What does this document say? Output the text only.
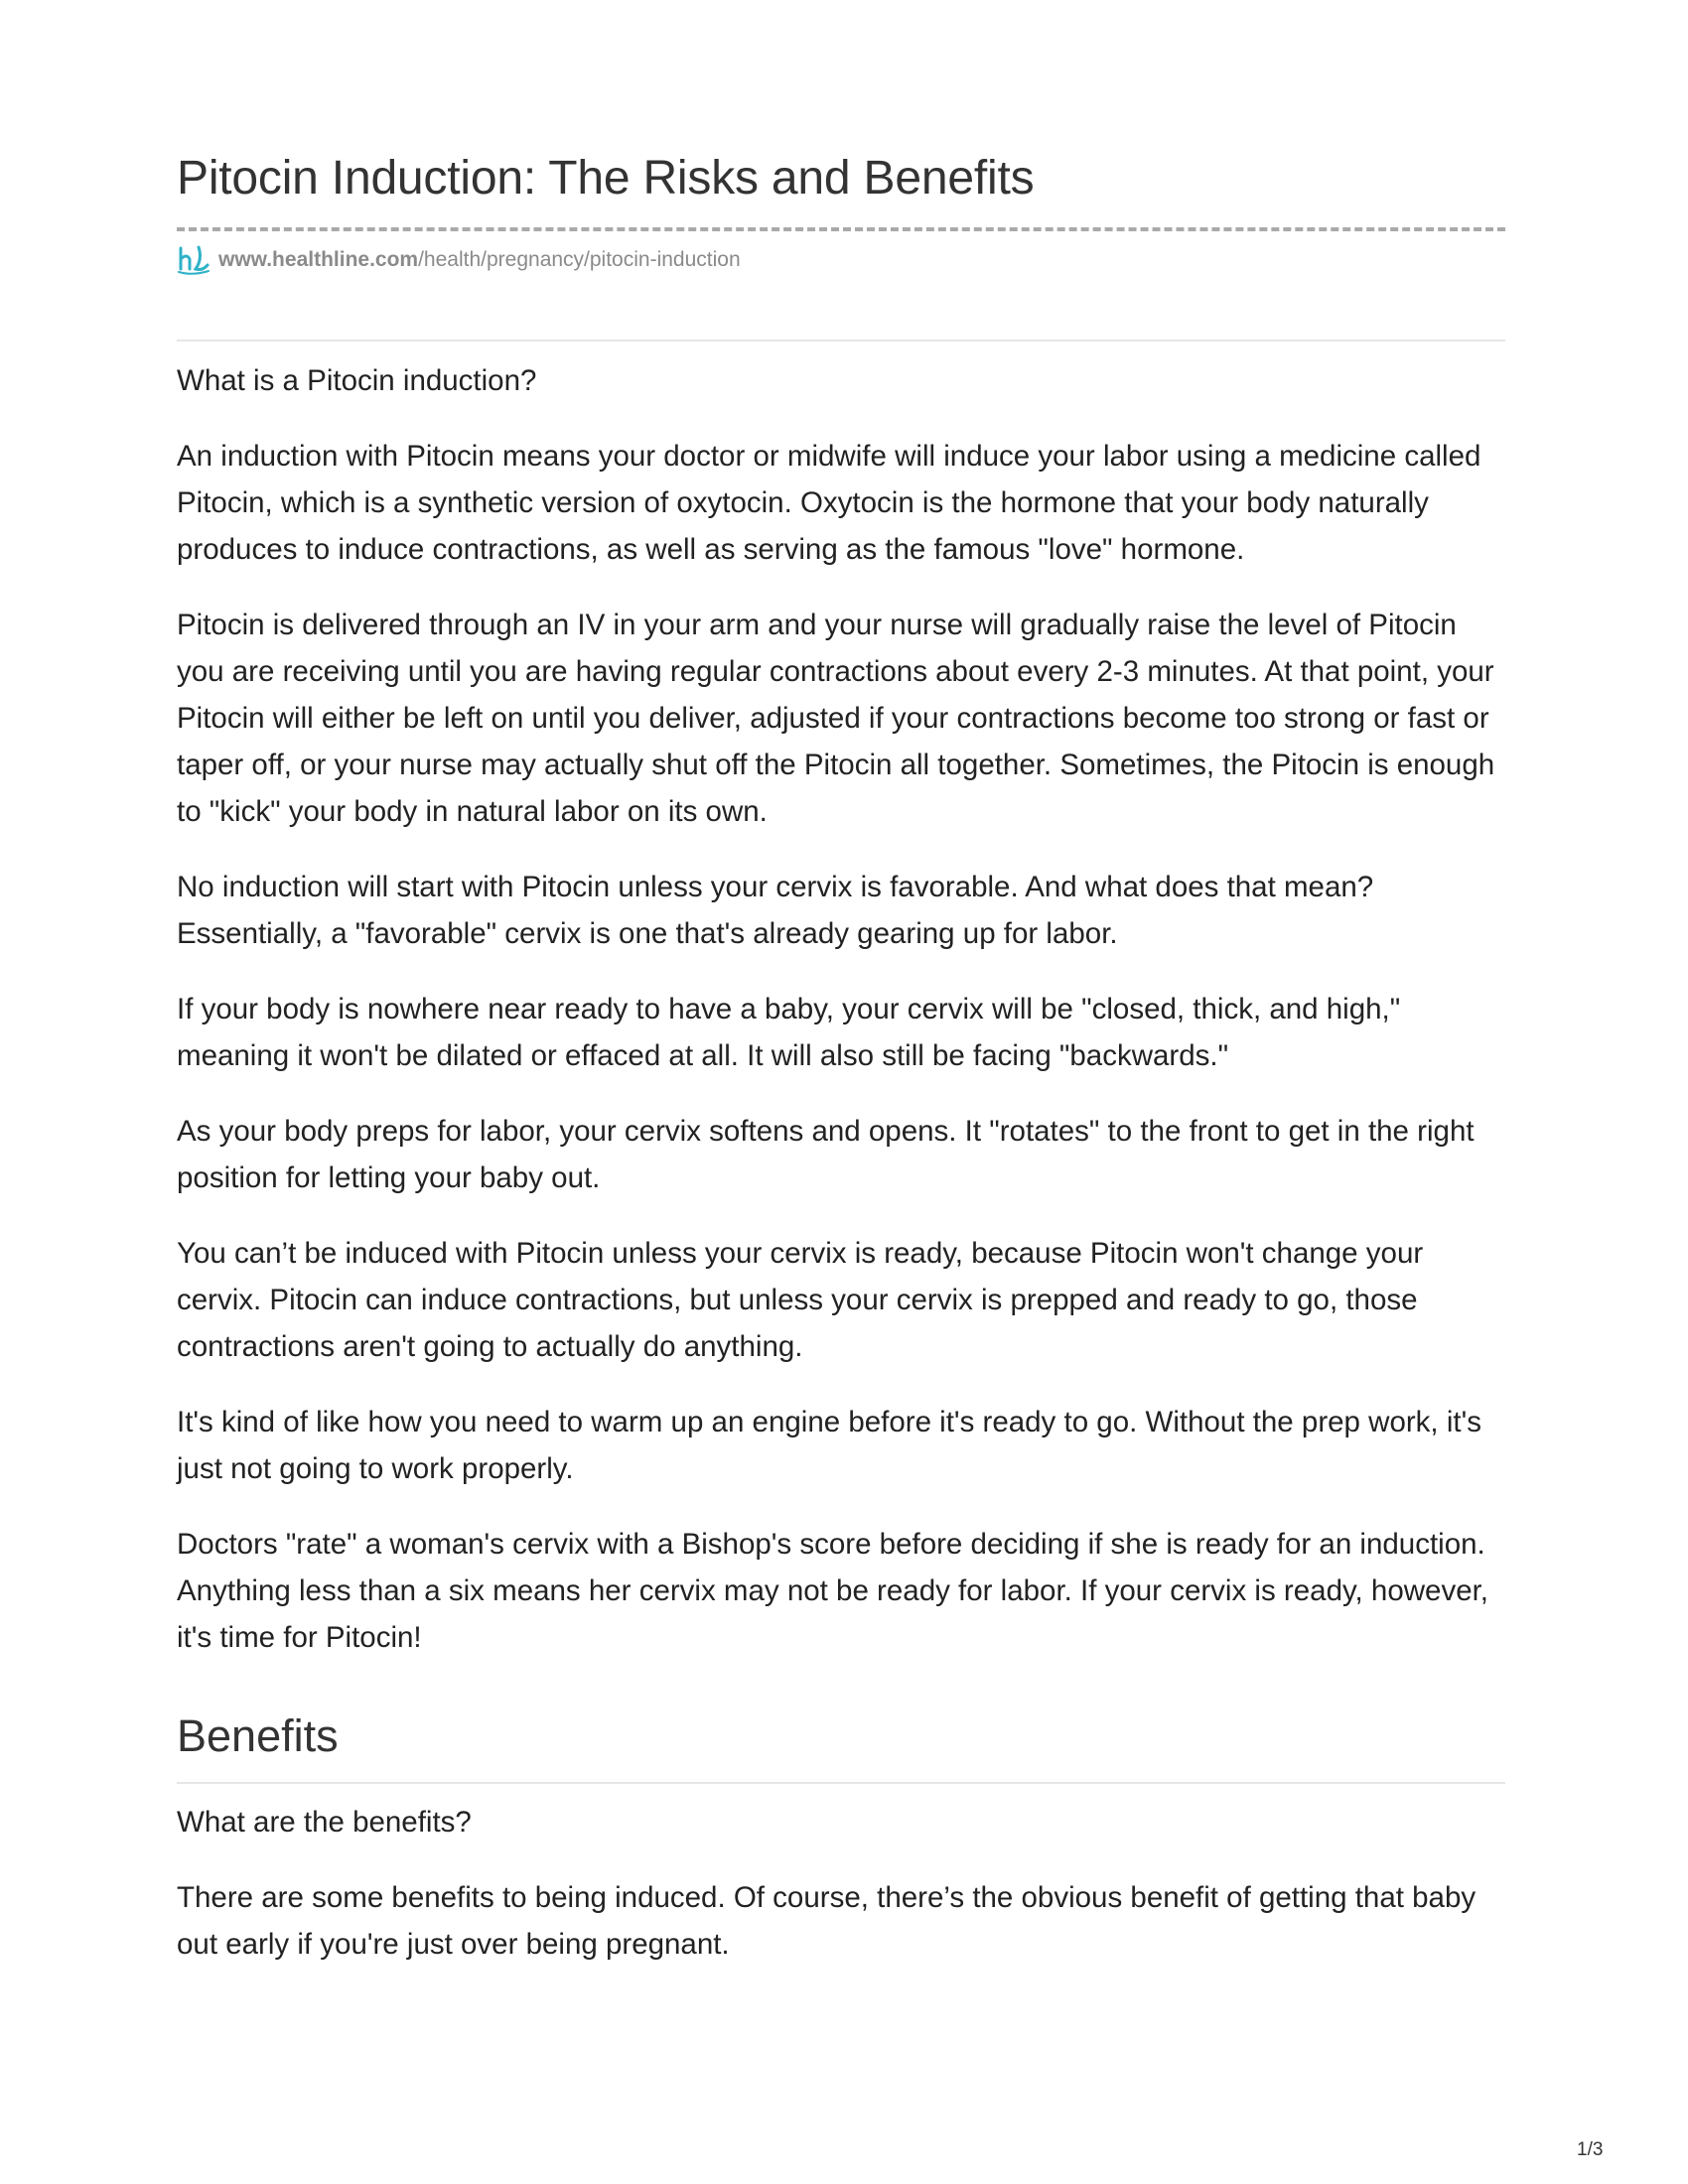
Pitocin Induction: The Risks and Benefits
www.healthline.com /health/pregnancy/pitocin-induction

What is a Pitocin induction?

An induction with Pitocin means your doctor or midwife will induce your labor using a medicine called Pitocin, which is a synthetic version of oxytocin. Oxytocin is the hormone that your body naturally produces to induce contractions, as well as serving as the famous "love" hormone.

Pitocin is delivered through an IV in your arm and your nurse will gradually raise the level of Pitocin you are receiving until you are having regular contractions about every 2-3 minutes. At that point, your Pitocin will either be left on until you deliver, adjusted if your contractions become too strong or fast or taper off, or your nurse may actually shut off the Pitocin all together. Sometimes, the Pitocin is enough to "kick" your body in natural labor on its own.

No induction will start with Pitocin unless your cervix is favorable. And what does that mean? Essentially, a "favorable" cervix is one that's already gearing up for labor.

If your body is nowhere near ready to have a baby, your cervix will be "closed, thick, and high," meaning it won't be dilated or effaced at all. It will also still be facing "backwards."

As your body preps for labor, your cervix softens and opens. It "rotates" to the front to get in the right position for letting your baby out.

You can’t be induced with Pitocin unless your cervix is ready, because Pitocin won't change your cervix. Pitocin can induce contractions, but unless your cervix is prepped and ready to go, those contractions aren't going to actually do anything.

It's kind of like how you need to warm up an engine before it's ready to go. Without the prep work, it's just not going to work properly.

Doctors "rate" a woman's cervix with a Bishop's score before deciding if she is ready for an induction. Anything less than a six means her cervix may not be ready for labor. If your cervix is ready, however, it's time for Pitocin!

Benefits

What are the benefits?

There are some benefits to being induced. Of course, there’s the obvious benefit of getting that baby out early if you're just over being pregnant.

1/3
